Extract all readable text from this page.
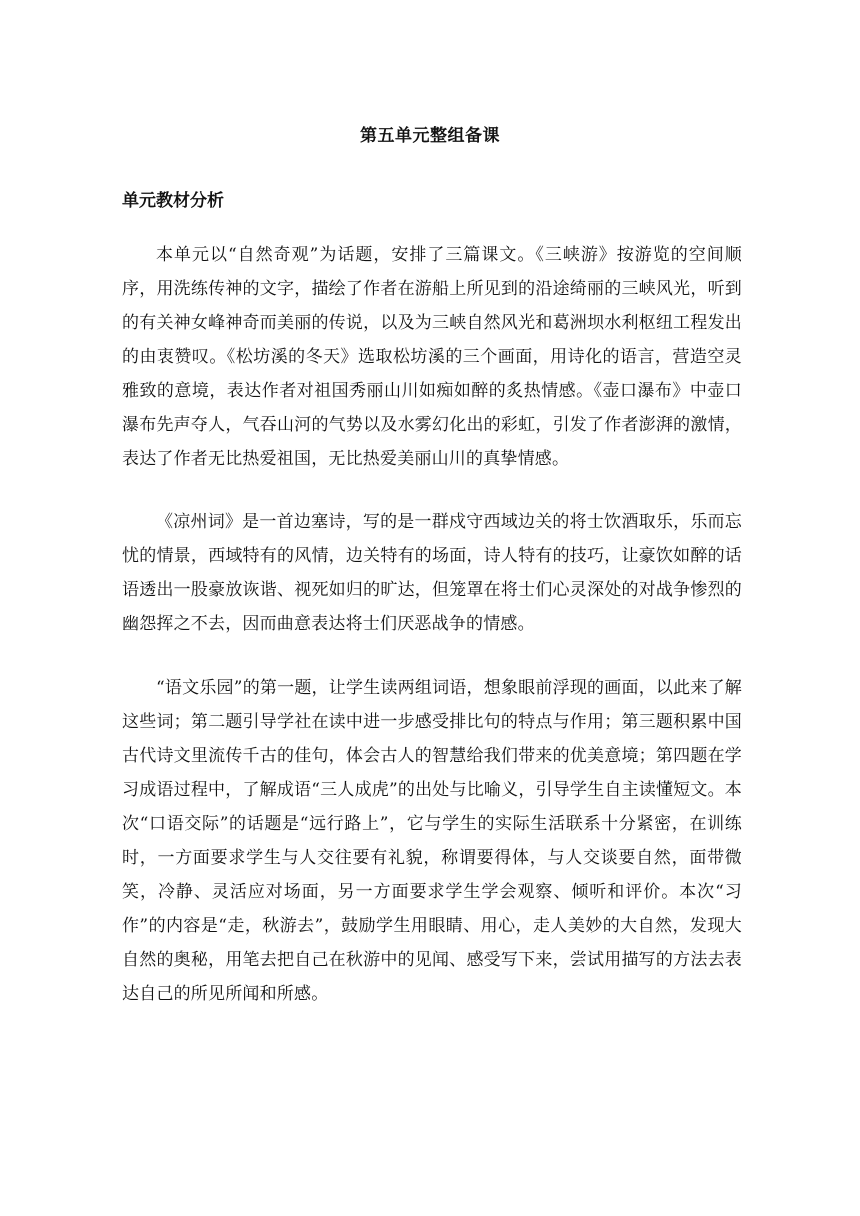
第五单元整组备课
单元教材分析

本单元以“自然奇观”为话题，安排了三篇课文。《三峡游》按游览的空间顺序，用洗练传神的文字，描绘了作者在游船上所见到的沿途绮丽的三峡风光，听到的有关神女峰神奇而美丽的传说，以及为三峡自然风光和葛洲坝水利枢纽工程发出的由衷赞叹。《松坊溪的冬天》选取松坊溪的三个画面，用诗化的语言，营造空灵雅致的意境，表达作者对祖国秀丽山川如痴如醉的炙热情感。《壶口瀑布》中壶口瀑布先声夺人，气吞山河的气势以及水雾幻化出的彩虹，引发了作者澎湃的激情，表达了作者无比热爱祖国，无比热爱美丽山川的真挚情感。

《凉州词》是一首边塞诗，写的是一群戍守西域边关的将士饮酒取乐，乐而忘忧的情景，西域特有的风情，边关特有的场面，诗人特有的技巧，让豪饮如醉的话语透出一股豪放诙谐、视死如归的旷达，但笼罩在将士们心灵深处的对战争惨烈的幽怨挥之不去，因而曲意表达将士们厌恶战争的情感。

“语文乐园”的第一题，让学生读两组词语，想象眼前浮现的画面，以此来了解这些词；第二题引导学社在读中进一步感受排比句的特点与作用；第三题积累中国古代诗文里流传千古的佳句，体会古人的智慧给我们带来的优美意境；第四题在学习成语过程中，了解成语“三人成虎”的出处与比喻义，引导学生自主读懂短文。本次“口语交际”的话题是“远行路上”，它与学生的实际生活联系十分紧密，在训练时，一方面要求学生与人交往要有礼貌，称谓要得体，与人交谈要自然，面带微笑，冷静、灵活应对场面，另一方面要求学生学会观察、倾听和评价。本次“习作”的内容是“走，秋游去”，鼓励学生用眼睛、用心，走人美妙的大自然，发现大自然的奥秘，用笔去把自己在秋游中的见闻、感受写下来，尝试用描写的方法去表达自己的所见所闻和所感。
